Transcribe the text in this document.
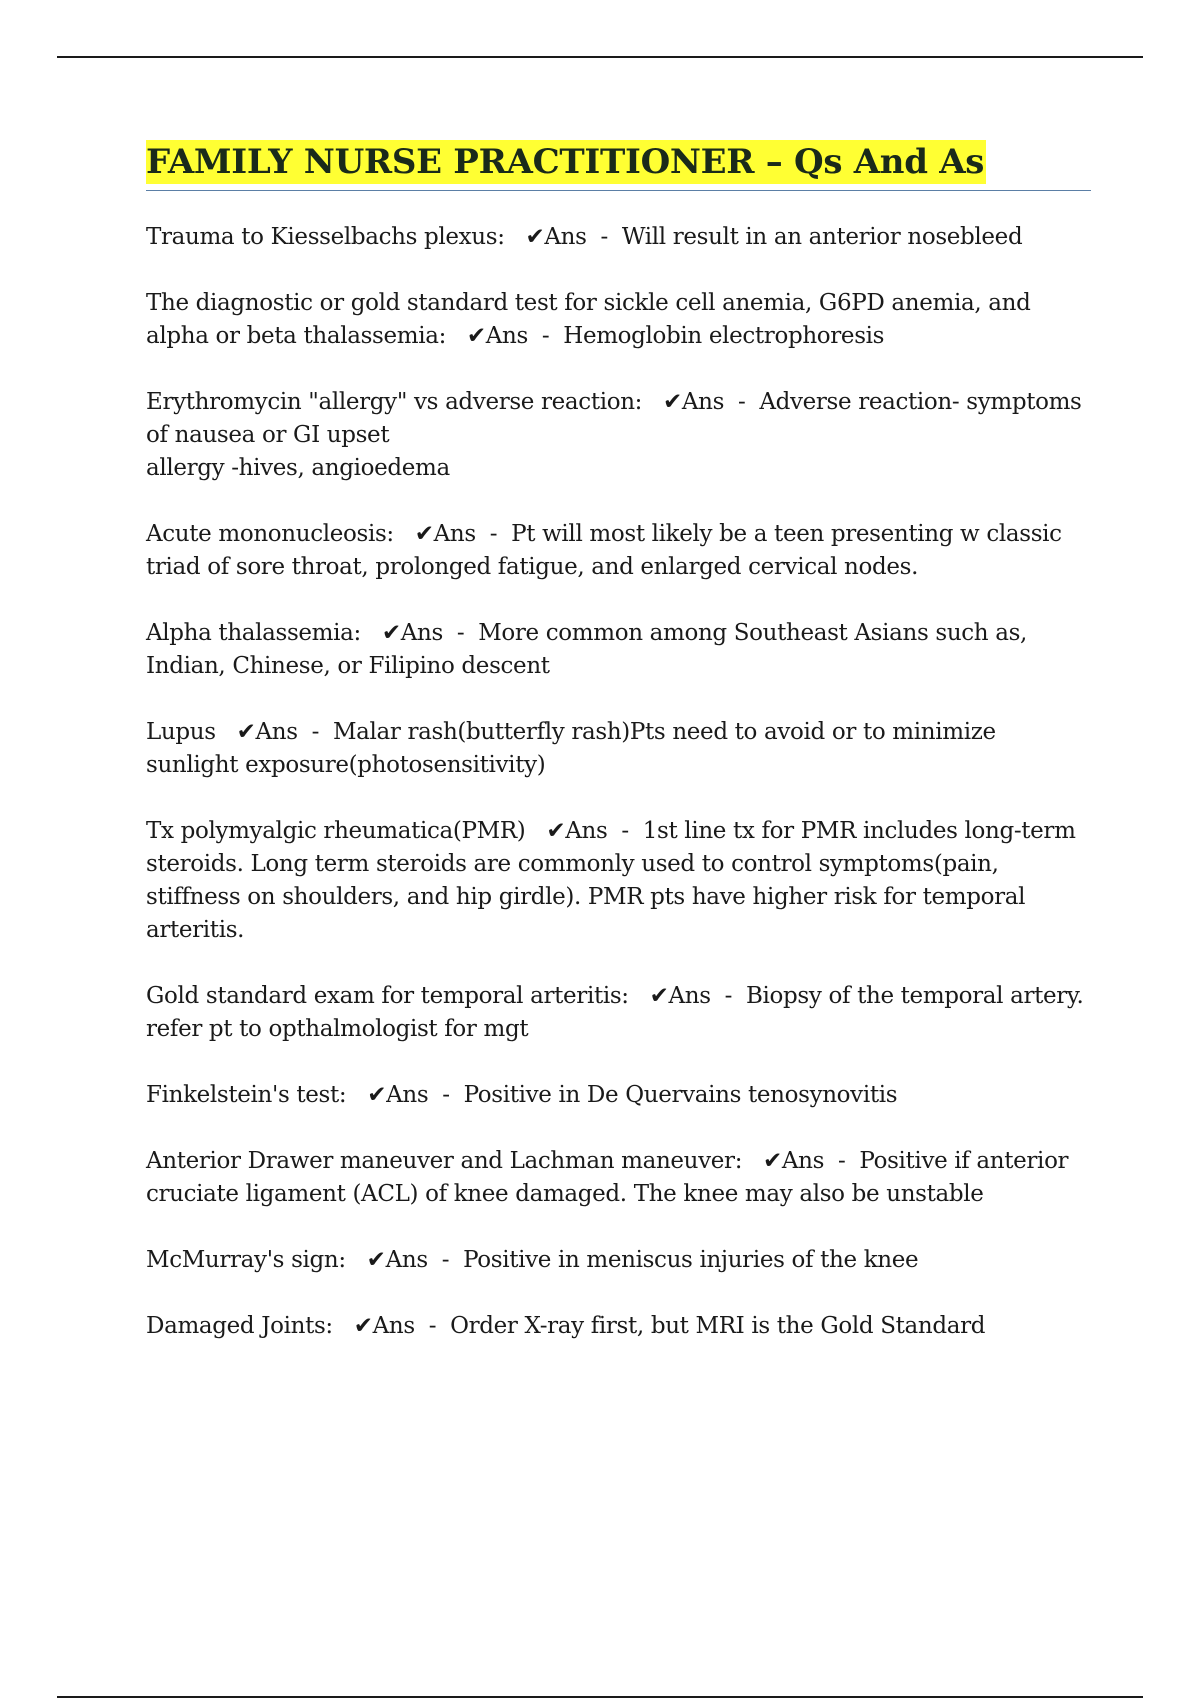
FAMILY NURSE PRACTITIONER – Qs And As

Trauma to Kiesselbachs plexus: ✔Ans  -  Will result in an anterior nosebleed

The diagnostic or gold standard test for sickle cell anemia, G6PD anemia, and alpha or beta thalassemia: ✔Ans  -  Hemoglobin electrophoresis

Erythromycin "allergy" vs adverse reaction: ✔Ans  -  Adverse reaction- symptoms of nausea or GI upset
allergy -hives, angioedema

Acute mononucleosis: ✔Ans  -  Pt will most likely be a teen presenting w classic triad of sore throat, prolonged fatigue, and enlarged cervical nodes.

Alpha thalassemia: ✔Ans  -  More common among Southeast Asians such as, Indian, Chinese, or Filipino descent

Lupus ✔Ans  -  Malar rash(butterfly rash)Pts need to avoid or to minimize sunlight exposure(photosensitivity)

Tx polymyalgic rheumatica(PMR) ✔Ans  -  1st line tx for PMR includes long-term steroids. Long term steroids are commonly used to control symptoms(pain, stiffness on shoulders, and hip girdle). PMR pts have higher risk for temporal arteritis.

Gold standard exam for temporal arteritis: ✔Ans  -  Biopsy of the temporal artery. refer pt to opthalmologist for mgt

Finkelstein's test: ✔Ans  -  Positive in De Quervains tenosynovitis

Anterior Drawer maneuver and Lachman maneuver: ✔Ans  -  Positive if anterior cruciate ligament (ACL) of knee damaged. The knee may also be unstable

McMurray's sign: ✔Ans  -  Positive in meniscus injuries of the knee

Damaged Joints: ✔Ans  -  Order X-ray first, but MRI is the Gold Standard
